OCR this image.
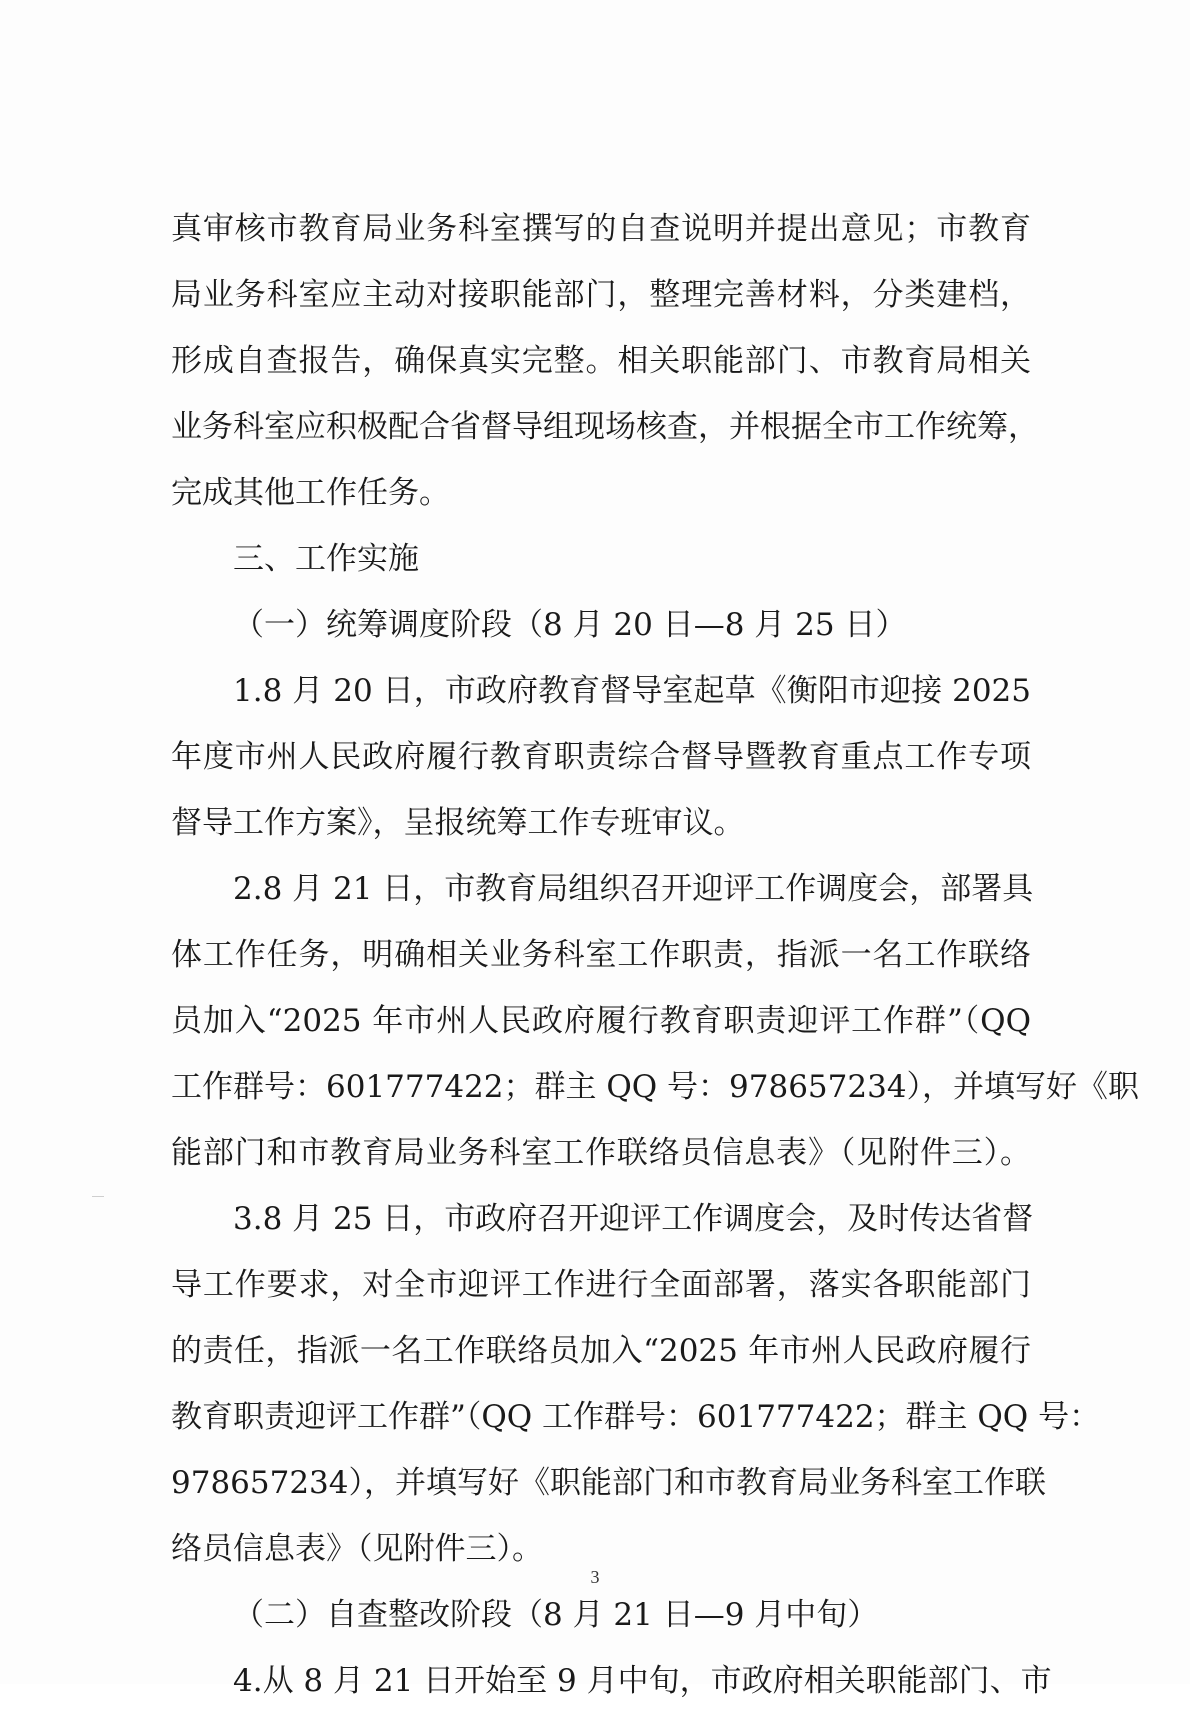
真审核市教育局业务科室撰写的自查说明并提出意见；市教育
局业务科室应主动对接职能部门，整理完善材料，分类建档，
形成自查报告，确保真实完整。相关职能部门、市教育局相关
业务科室应积极配合省督导组现场核查，并根据全市工作统筹，
完成其他工作任务。
三、工作实施
（一）统筹调度阶段（8 月 20 日—8 月 25 日）
1.8 月 20 日，市政府教育督导室起草《衡阳市迎接 2025
年度市州人民政府履行教育职责综合督导暨教育重点工作专项
督导工作方案》，呈报统筹工作专班审议。
2.8 月 21 日，市教育局组织召开迎评工作调度会，部署具
体工作任务，明确相关业务科室工作职责，指派一名工作联络
员加入“2025 年市州人民政府履行教育职责迎评工作群”（QQ
工作群号：601777422；群主 QQ 号：978657234），并填写好《职
能部门和市教育局业务科室工作联络员信息表》（见附件三）。
3.8 月 25 日，市政府召开迎评工作调度会，及时传达省督
导工作要求，对全市迎评工作进行全面部署，落实各职能部门
的责任，指派一名工作联络员加入“2025 年市州人民政府履行
教育职责迎评工作群”（QQ 工作群号：601777422；群主 QQ 号：
978657234），并填写好《职能部门和市教育局业务科室工作联
络员信息表》（见附件三）。
（二）自查整改阶段（8 月 21 日—9 月中旬）
4.从 8 月 21 日开始至 9 月中旬，市政府相关职能部门、市
3
